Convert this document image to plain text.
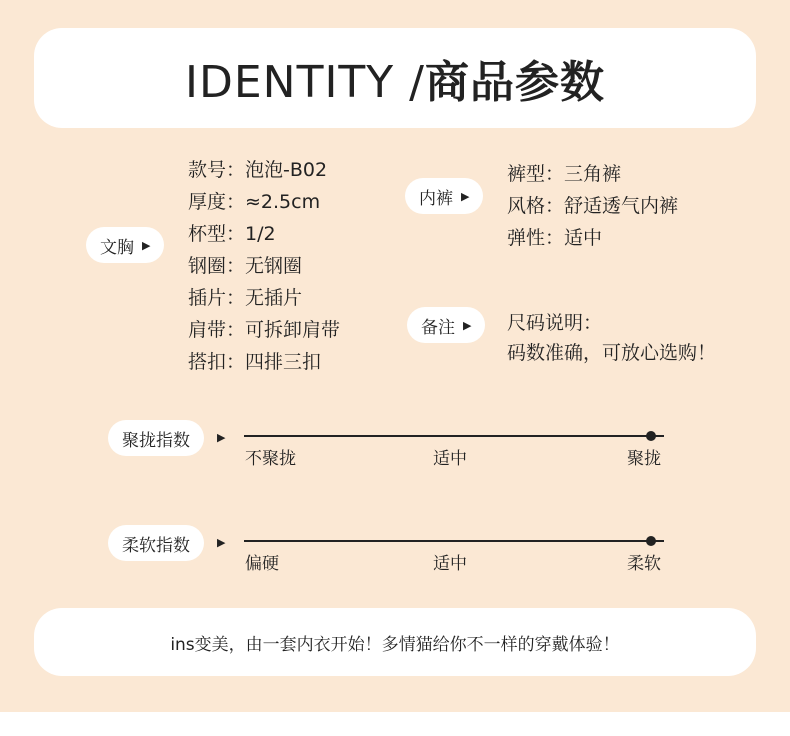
IDENTITY /商品参数
文胸 ▶
款号：泡泡-B02
厚度：≈2.5cm
杯型：1/2
钢圈：无钢圈
插片：无插片
肩带：可拆卸肩带
搭扣：四排三扣
内裤 ▶
裤型：三角裤
风格：舒适透气内裤
弹性：适中
备注 ▶ 尺码说明：
码数准确，可放心选购！
聚拢指数 ▶
不聚拢	适中	聚拢
柔软指数 ▶
偏硬	适中	柔软
ins变美，由一套内衣开始！多情猫给你不一样的穿戴体验！
